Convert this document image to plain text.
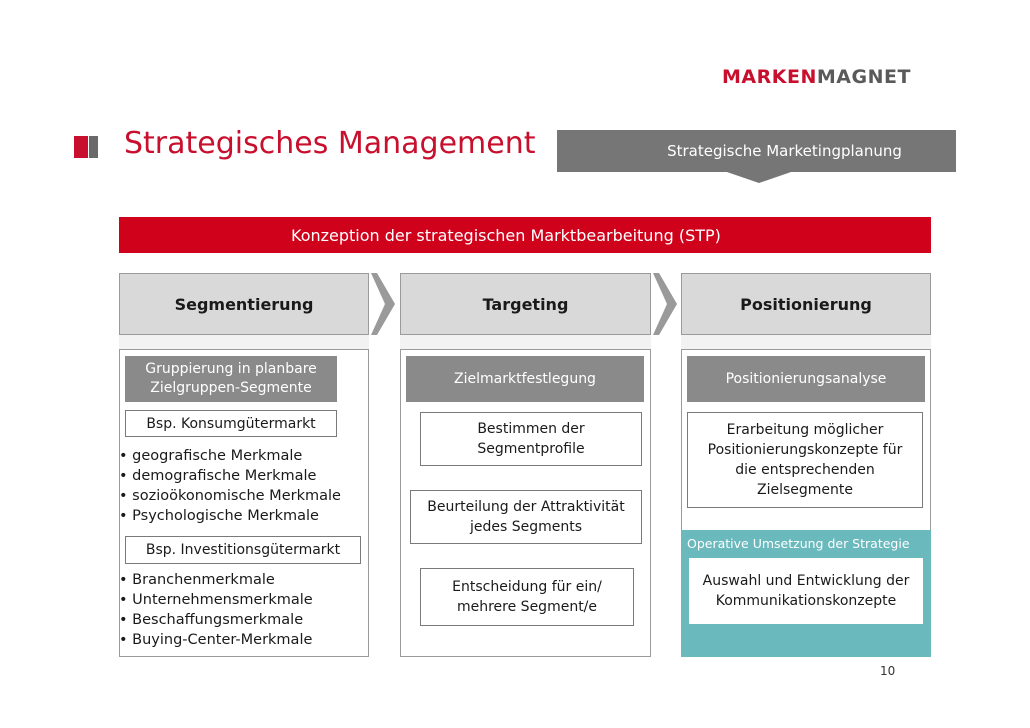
MARKENMAGNET
Strategisches Management	Strategische Marketingplanung
Konzeption der strategischen Marktbearbeitung (STP)
Segmentierung	Targeting	Positionierung
Gruppierung in planbare Zielgruppen-Segmente
Bsp. Konsumgütermarkt
• geografische Merkmale
• demografische Merkmale
• sozioökonomische Merkmale
• Psychologische Merkmale
Bsp. Investitionsgütermarkt
• Branchenmerkmale
• Unternehmensmerkmale
• Beschaffungsmerkmale
• Buying-Center-Merkmale
Zielmarktfestlegung
Bestimmen der Segmentprofile
Beurteilung der Attraktivität jedes Segments
Entscheidung für ein/ mehrere Segment/e
Positionierungsanalyse
Erarbeitung möglicher Positionierungskonzepte für die entsprechenden Zielsegmente
Operative Umsetzung der Strategie
Auswahl und Entwicklung der Kommunikationskonzepte
10
